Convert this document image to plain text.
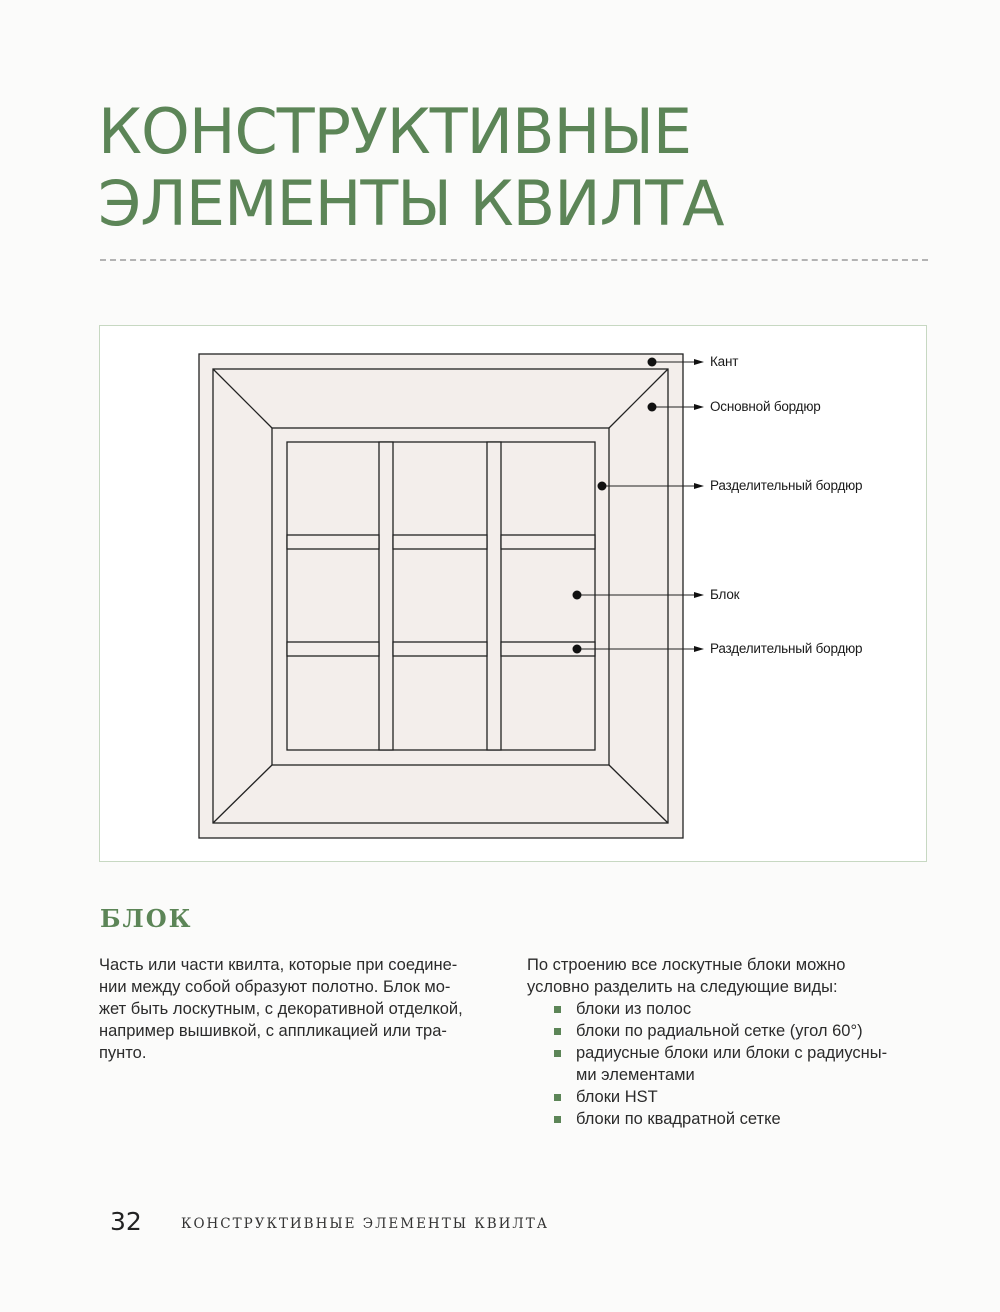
КОНСТРУКТИВНЫЕ
ЭЛЕМЕНТЫ КВИЛТА
Кант
Основной бордюр
Разделительный бордюр
Блок
Разделительный бордюр
БЛОК

Часть или части квилта, которые при соедине-
нии между собой образуют полотно. Блок мо-
жет быть лоскутным, с декоративной отделкой,
например вышивкой, с аппликацией или тра-
пунто.

По строению все лоскутные блоки можно
условно разделить на следующие виды:

блоки из полос
блоки по радиальной сетке (угол 60°)
радиусные блоки или блоки с радиусны-
ми элементами
блоки HST
блоки по квадратной сетке
32	КОНСТРУКТИВНЫЕ ЭЛЕМЕНТЫ КВИЛТА
